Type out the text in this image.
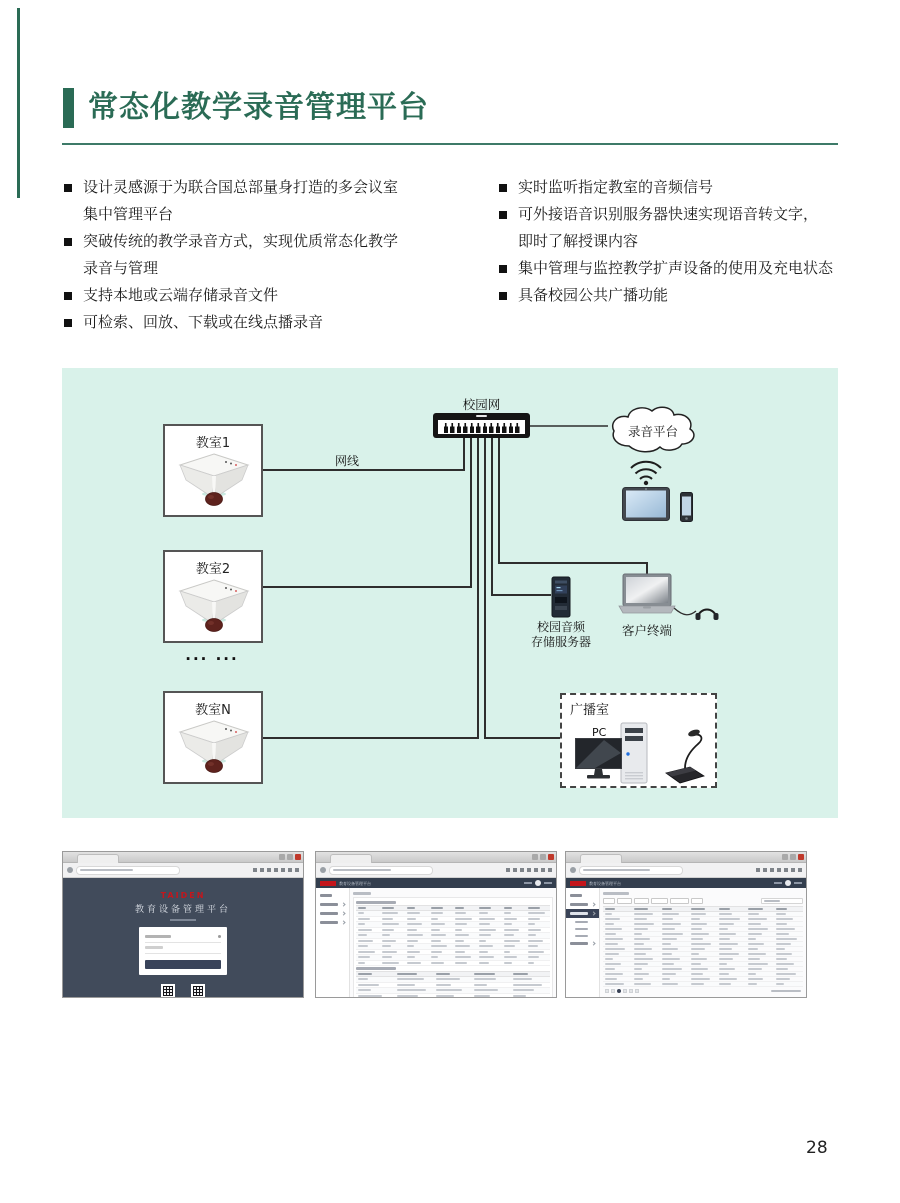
常态化教学录音管理平台
设计灵感源于为联合国总部量身打造的多会议室
集中管理平台
突破传统的教学录音方式，实现优质常态化教学
录音与管理
支持本地或云端存储录音文件
可检索、回放、下载或在线点播录音
实时监听指定教室的音频信号
可外接语音识别服务器快速实现语音转文字，
即时了解授课内容
集中管理与监控教学扩声设备的使用及充电状态
具备校园公共广播功能
教室1
教室2
... ...
教室N
校园网
网线
录音平台
校园音频
存储服务器
客户终端
广播室
PC
TAIDEN
教育设备管理平台
教育设备管理平台	教育设备管理平台
28
